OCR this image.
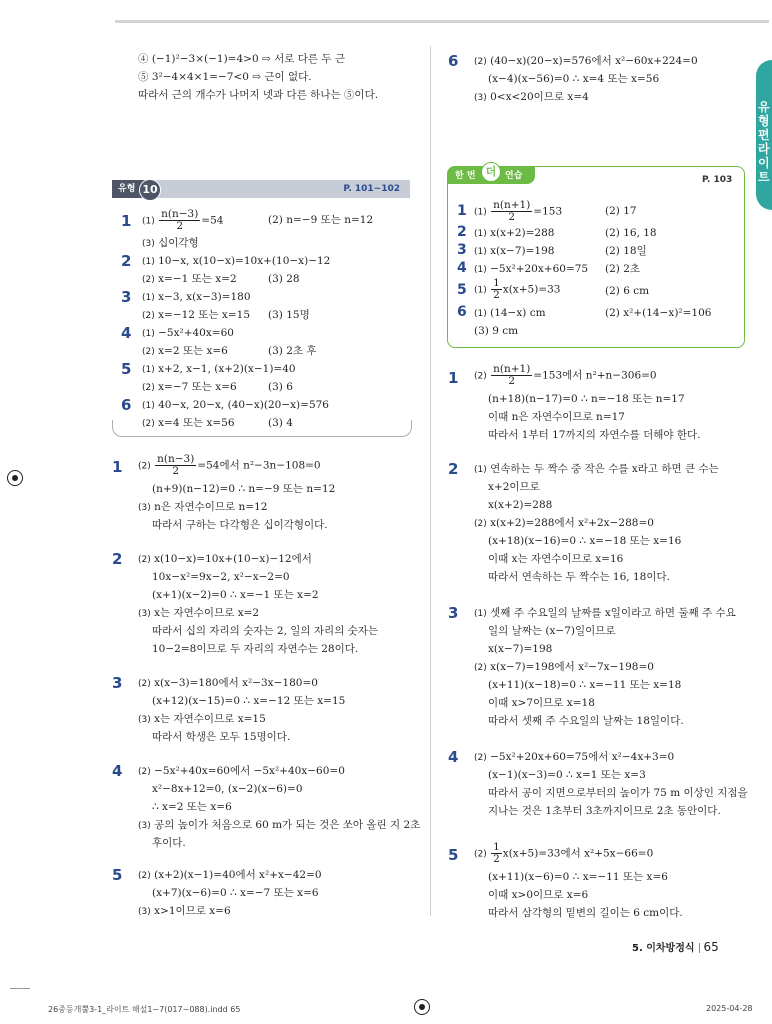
유형편 라이트
④ (−1)²−3×(−1)=4>0 ⇨ 서로 다른 두 근
⑤ 3²−4×4×1=−7<0 ⇨ 근이 없다.
따라서 근의 개수가 나머지 넷과 다른 하나는 ⑤이다.
유형 10	P. 101~102
1 $(1) \frac{n(n-3)}{2} =54$	(2) n=−9 또는 n=12
(3) 십이각형
2 (1) 10−x, x(10−x)=10x+(10−x)−12
(2) x=−1 또는 x=2	(3) 28
3 (1) x−3, x(x−3)=180
(2) x=−12 또는 x=15 (3) 15명
4 (1) −5x²+40x=60
(2) x=2 또는 x=6	(3) 2초 후
5 (1) x+2, x−1, (x+2)(x−1)=40
(2) x=−7 또는 x=6	(3) 6
6 (1) 40−x, 20−x, (40−x)(20−x)=576
(2) x=4 또는 x=56	(3) 4
1 $(2) \frac{n(n-3)}{2} =54$에서 n²−3n−108=0
(n+9)(n−12)=0 ∴ n=−9 또는 n=12
(3) n은 자연수이므로 n=12
따라서 구하는 다각형은 십이각형이다.
2 (2) x(10−x)=10x+(10−x)−12에서
10x−x²=9x−2, x²−x−2=0
(x+1)(x−2)=0 ∴ x=−1 또는 x=2
(3) x는 자연수이므로 x=2
따라서 십의 자리의 숫자는 2, 일의 자리의 숫자는
10−2=8이므로 두 자리의 자연수는 28이다.
3 (2) x(x−3)=180에서 x²−3x−180=0
(x+12)(x−15)=0 ∴ x=−12 또는 x=15
(3) x는 자연수이므로 x=15
따라서 학생은 모두 15명이다.
4 (2) −5x²+40x=60에서 −5x²+40x−60=0
x²−8x+12=0, (x−2)(x−6)=0
∴ x=2 또는 x=6
(3) 공의 높이가 처음으로 60 m가 되는 것은 쏘아 올린 지 2초
후이다.
5 (2) (x+2)(x−1)=40에서 x²+x−42=0
(x+7)(x−6)=0 ∴ x=−7 또는 x=6
(3) x>1이므로 x=6
6 (2) (40−x)(20−x)=576에서 x²−60x+224=0
(x−4)(x−56)=0 ∴ x=4 또는 x=56
(3) 0<x<20이므로 x=4
한 번 더 연습	P. 103
1 $(1) \frac{n(n+1)}{2} =153$	(2) 17
2 (1) x(x+2)=288	(2) 16, 18
3 (1) x(x−7)=198	(2) 18일
4 (1) −5x²+20x+60=75 (2) 2초
5 $(1) \frac{1}{2} x(x+5)=33$	(2) 6 cm
6 (1) (14−x) cm	(2) x²+(14−x)²=106
(3) 9 cm
1 $(2) \frac{n(n+1)}{2} =153$에서 n²+n−306=0
(n+18)(n−17)=0 ∴ n=−18 또는 n=17
이때 n은 자연수이므로 n=17
따라서 1부터 17까지의 자연수를 더해야 한다.
2 (1) 연속하는 두 짝수 중 작은 수를 x라고 하면 큰 수는
x+2이므로
x(x+2)=288
(2) x(x+2)=288에서 x²+2x−288=0
(x+18)(x−16)=0 ∴ x=−18 또는 x=16
이때 x는 자연수이므로 x=16
따라서 연속하는 두 짝수는 16, 18이다.
3 (1) 셋째 주 수요일의 날짜를 x일이라고 하면 둘째 주 수요
일의 날짜는 (x−7)일이므로
x(x−7)=198
(2) x(x−7)=198에서 x²−7x−198=0
(x+11)(x−18)=0 ∴ x=−11 또는 x=18
이때 x>7이므로 x=18
따라서 셋째 주 수요일의 날짜는 18일이다.
4 (2) −5x²+20x+60=75에서 x²−4x+3=0
(x−1)(x−3)=0 ∴ x=1 또는 x=3
따라서 공이 지면으로부터의 높이가 75 m 이상인 지점을
지나는 것은 1초부터 3초까지이므로 2초 동안이다.
5 $(2) \frac{1}{2} x(x+5)=33$에서 x²+5x−66=0
(x+11)(x−6)=0 ∴ x=−11 또는 x=6
이때 x>0이므로 x=6
따라서 삼각형의 밑변의 길이는 6 cm이다.
5. 이차방정식 65
26중등개뿔3-1_라이트 해설1~7(017~088).indd 65	2025-04-28
